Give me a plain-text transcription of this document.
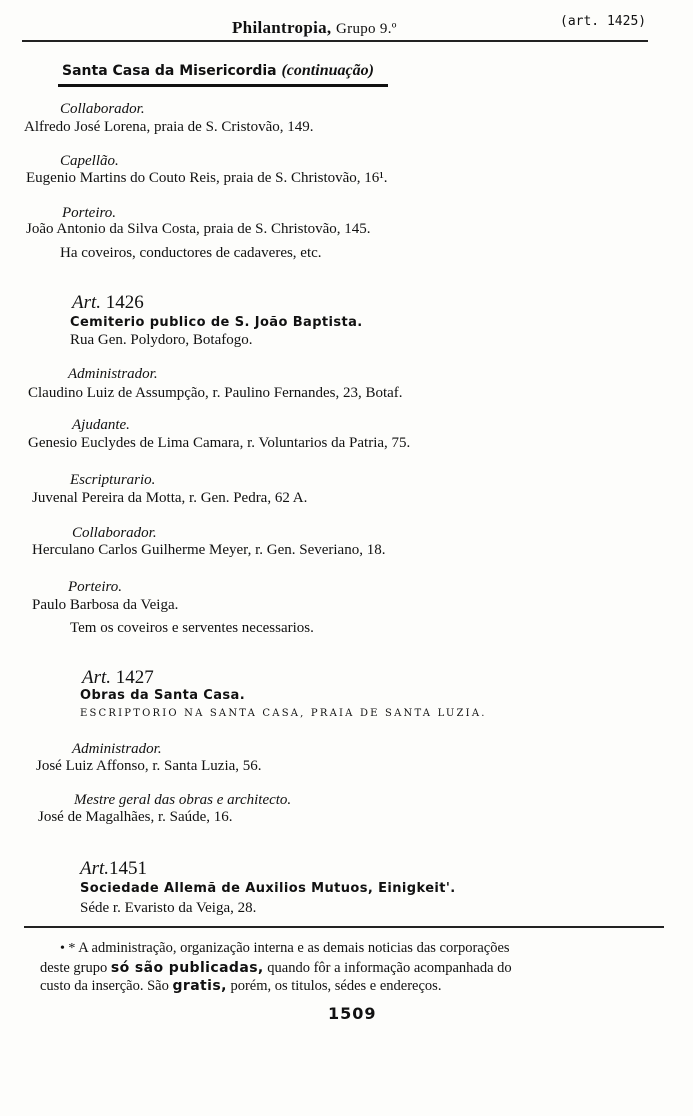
Philantropia, Grupo 9.º	(art. 1425)
Santa Casa da Misericordia (continuação)
Collaborador.
Alfredo José Lorena, praia de S. Cristovão, 149.
Capellão.
Eugenio Martins do Couto Reis, praia de S. Christovão, 16¹.
Porteiro.
João Antonio da Silva Costa, praia de S. Christovão, 145.
Ha coveiros, conductores de cadaveres, etc.
Art. 1426
Cemiterio publico de S. João Baptista.
Rua Gen. Polydoro, Botafogo.
Administrador.
Claudino Luiz de Assumpção, r. Paulino Fernandes, 23, Botaf.
Ajudante.
Genesio Euclydes de Lima Camara, r. Voluntarios da Patria, 75.
Escripturario.
Juvenal Pereira da Motta, r. Gen. Pedra, 62 A.
Collaborador.
Herculano Carlos Guilherme Meyer, r. Gen. Severiano, 18.
Porteiro.
Paulo Barbosa da Veiga.
Tem os coveiros e serventes necessarios.
Art. 1427
Obras da Santa Casa.
ESCRIPTORIO NA SANTA CASA, PRAIA DE SANTA LUZIA.
Administrador.
José Luiz Affonso, r. Santa Luzia, 56.
Mestre geral das obras e architecto.
José de Magalhães, r. Saúde, 16.
Art.1451
Sociedade Allemã de Auxilios Mutuos, Einigkeit'.
Séde r. Evaristo da Veiga, 28.
• * A administração, organização interna e as demais noticias das corporações
deste grupo só são publicadas, quando fôr a informação acompanhada do
custo da inserção. São gratis, porém, os titulos, sédes e endereços.
1509
